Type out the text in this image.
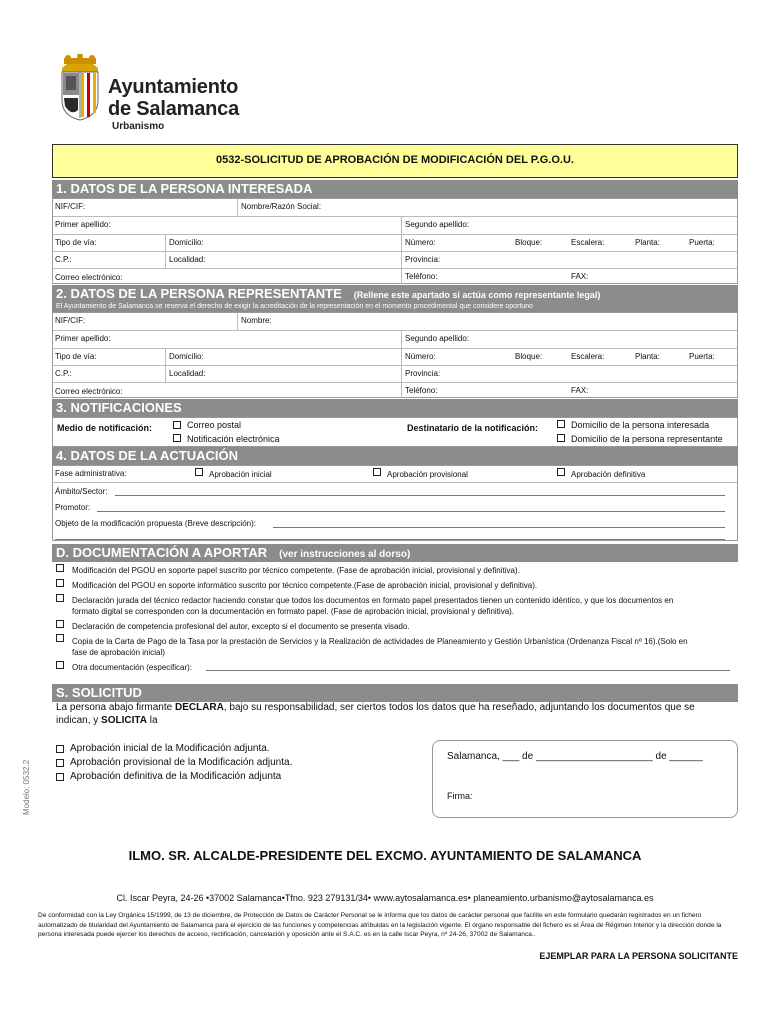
Ayuntamiento
de Salamanca
Urbanismo
0532-SOLICITUD DE APROBACIÓN DE MODIFICACIÓN DEL P.G.O.U.
1. DATOS DE LA PERSONA INTERESADA
NIF/CIF:	Nombre/Razón Social:
Primer apellido:	Segundo apellido:
Tipo de vía:	Domicilio:	Número:	Bloque:	Escalera:	Planta:	Puerta:
C.P.:	Localidad:	Provincia:
Correo electrónico:	Teléfono:	FAX:
2. DATOS DE LA PERSONA REPRESENTANTE (Rellene este apartado si actúa como representante legal)
El Ayuntamiento de Salamanca se reserva el derecho de exigir la acreditación de la representación en el momento procedimental que considere oportuno
NIF/CIF:	Nombre:
Primer apellido:	Segundo apellido:
Tipo de vía:	Domicilio:	Número:	Bloque:	Escalera:	Planta:	Puerta:
C.P.:	Localidad:	Provincia:
Correo electrónico:	Teléfono:	FAX:
3. NOTIFICACIONES
Medio de notificación:	Correo postal
Notificación electrónica
Destinatario de la notificación:	Domicilio de la persona interesada
Domicilio de la persona representante
4. DATOS DE LA ACTUACIÓN
Fase administrativa:	Aprobación inicial	Aprobación provisional	Aprobación definitiva
Ámbito/Sector:
Promotor:
Objeto de la modificación propuesta (Breve descripción):
D. DOCUMENTACIÓN A APORTAR (ver instrucciones al dorso)
Modificación del PGOU en soporte papel suscrito por técnico competente. (Fase de aprobación inicial, provisional y definitiva).
Modificación del PGOU en soporte informático suscrito por técnico competente.(Fase de aprobación inicial, provisional y definitiva).
Declaración jurada del técnico redactor haciendo constar que todos los documentos en formato papel presentados tienen un contenido idéntico, y que los documentos en
formato digital se corresponden con la documentación en formato papel. (Fase de aprobación inicial, provisional y definitiva).
Declaración de competencia profesional del autor, excepto si el documento se presenta visado.
Copia de la Carta de Pago de la Tasa por la prestación de Servicios y la Realización de actividades de Planeamiento y Gestión Urbanística (Ordenanza Fiscal nº 16).(Solo en
fase de aprobación inicial)
Otra documentación (especificar):
S. SOLICITUD
La persona abajo firmante DECLARA, bajo su responsabilidad, ser ciertos todos los datos que ha reseñado, adjuntando los documentos que se
indican, y SOLICITA la
Aprobación inicial de la Modificación adjunta.
Aprobación provisional de la Modificación adjunta.
Aprobación definitiva de la Modificación adjunta
Salamanca, ___ de _____________________ de ______
Firma:
Modelo: 0532.2
ILMO. SR. ALCALDE-PRESIDENTE DEL EXCMO. AYUNTAMIENTO DE SALAMANCA
Cl. Iscar Peyra, 24-26 •37002 Salamanca•Tfno. 923 279131/34• www.aytosalamanca.es• planeamiento.urbanismo@aytosalamanca.es
De conformidad con la Ley Orgánica 15/1999, de 13 de diciembre, de Protección de Datos de Carácter Personal se le informa que los datos de carácter personal que facilite en este formulario quedarán registrados en un fichero automatizado de titularidad del Ayuntamiento de Salamanca para el ejercicio de las funciones y competencias atribuidas en la legislación vigente. El órgano responsable del fichero es el Área de Régimen Interior y la dirección donde la persona interesada puede ejercer los derechos de acceso, rectificación, cancelación y oposición ante el S.A.C. es en la calle Iscar Peyra, nº 24-26, 37002 de Salamanca..
EJEMPLAR PARA LA PERSONA SOLICITANTE
